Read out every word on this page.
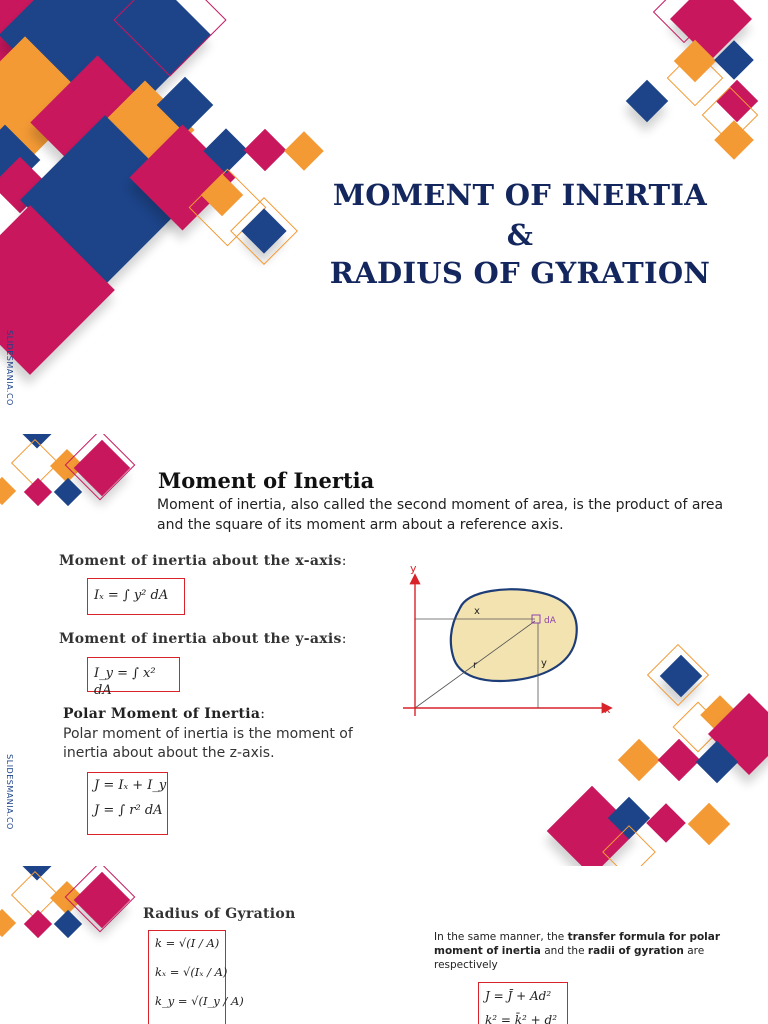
SLIDESMANIA.CO
MOMENT OF INERTIA
&
RADIUS OF GYRATION
SLIDESMANIA.CO
Moment of Inertia
Moment of inertia, also called the second moment of area, is the product of area and the square of its moment arm about a reference axis.
Moment of inertia about the x-axis:
Iₓ = ∫ y² dA
Moment of inertia about the y-axis:
I_y = ∫ x² dA
Polar Moment of Inertia:
Polar moment of inertia is the moment of inertia about about the z-axis.
J = Iₓ + I_y
J = ∫ r² dA
y
x
x
y
r
dA
Radius of Gyration
k = √(I / A)
kₓ = √(Iₓ / A)
k_y = √(I_y / A)
In the same manner, the transfer formula for polar moment of inertia and the radii of gyration are respectively
J = J̄ + Ad²
k² = k̄² + d²
